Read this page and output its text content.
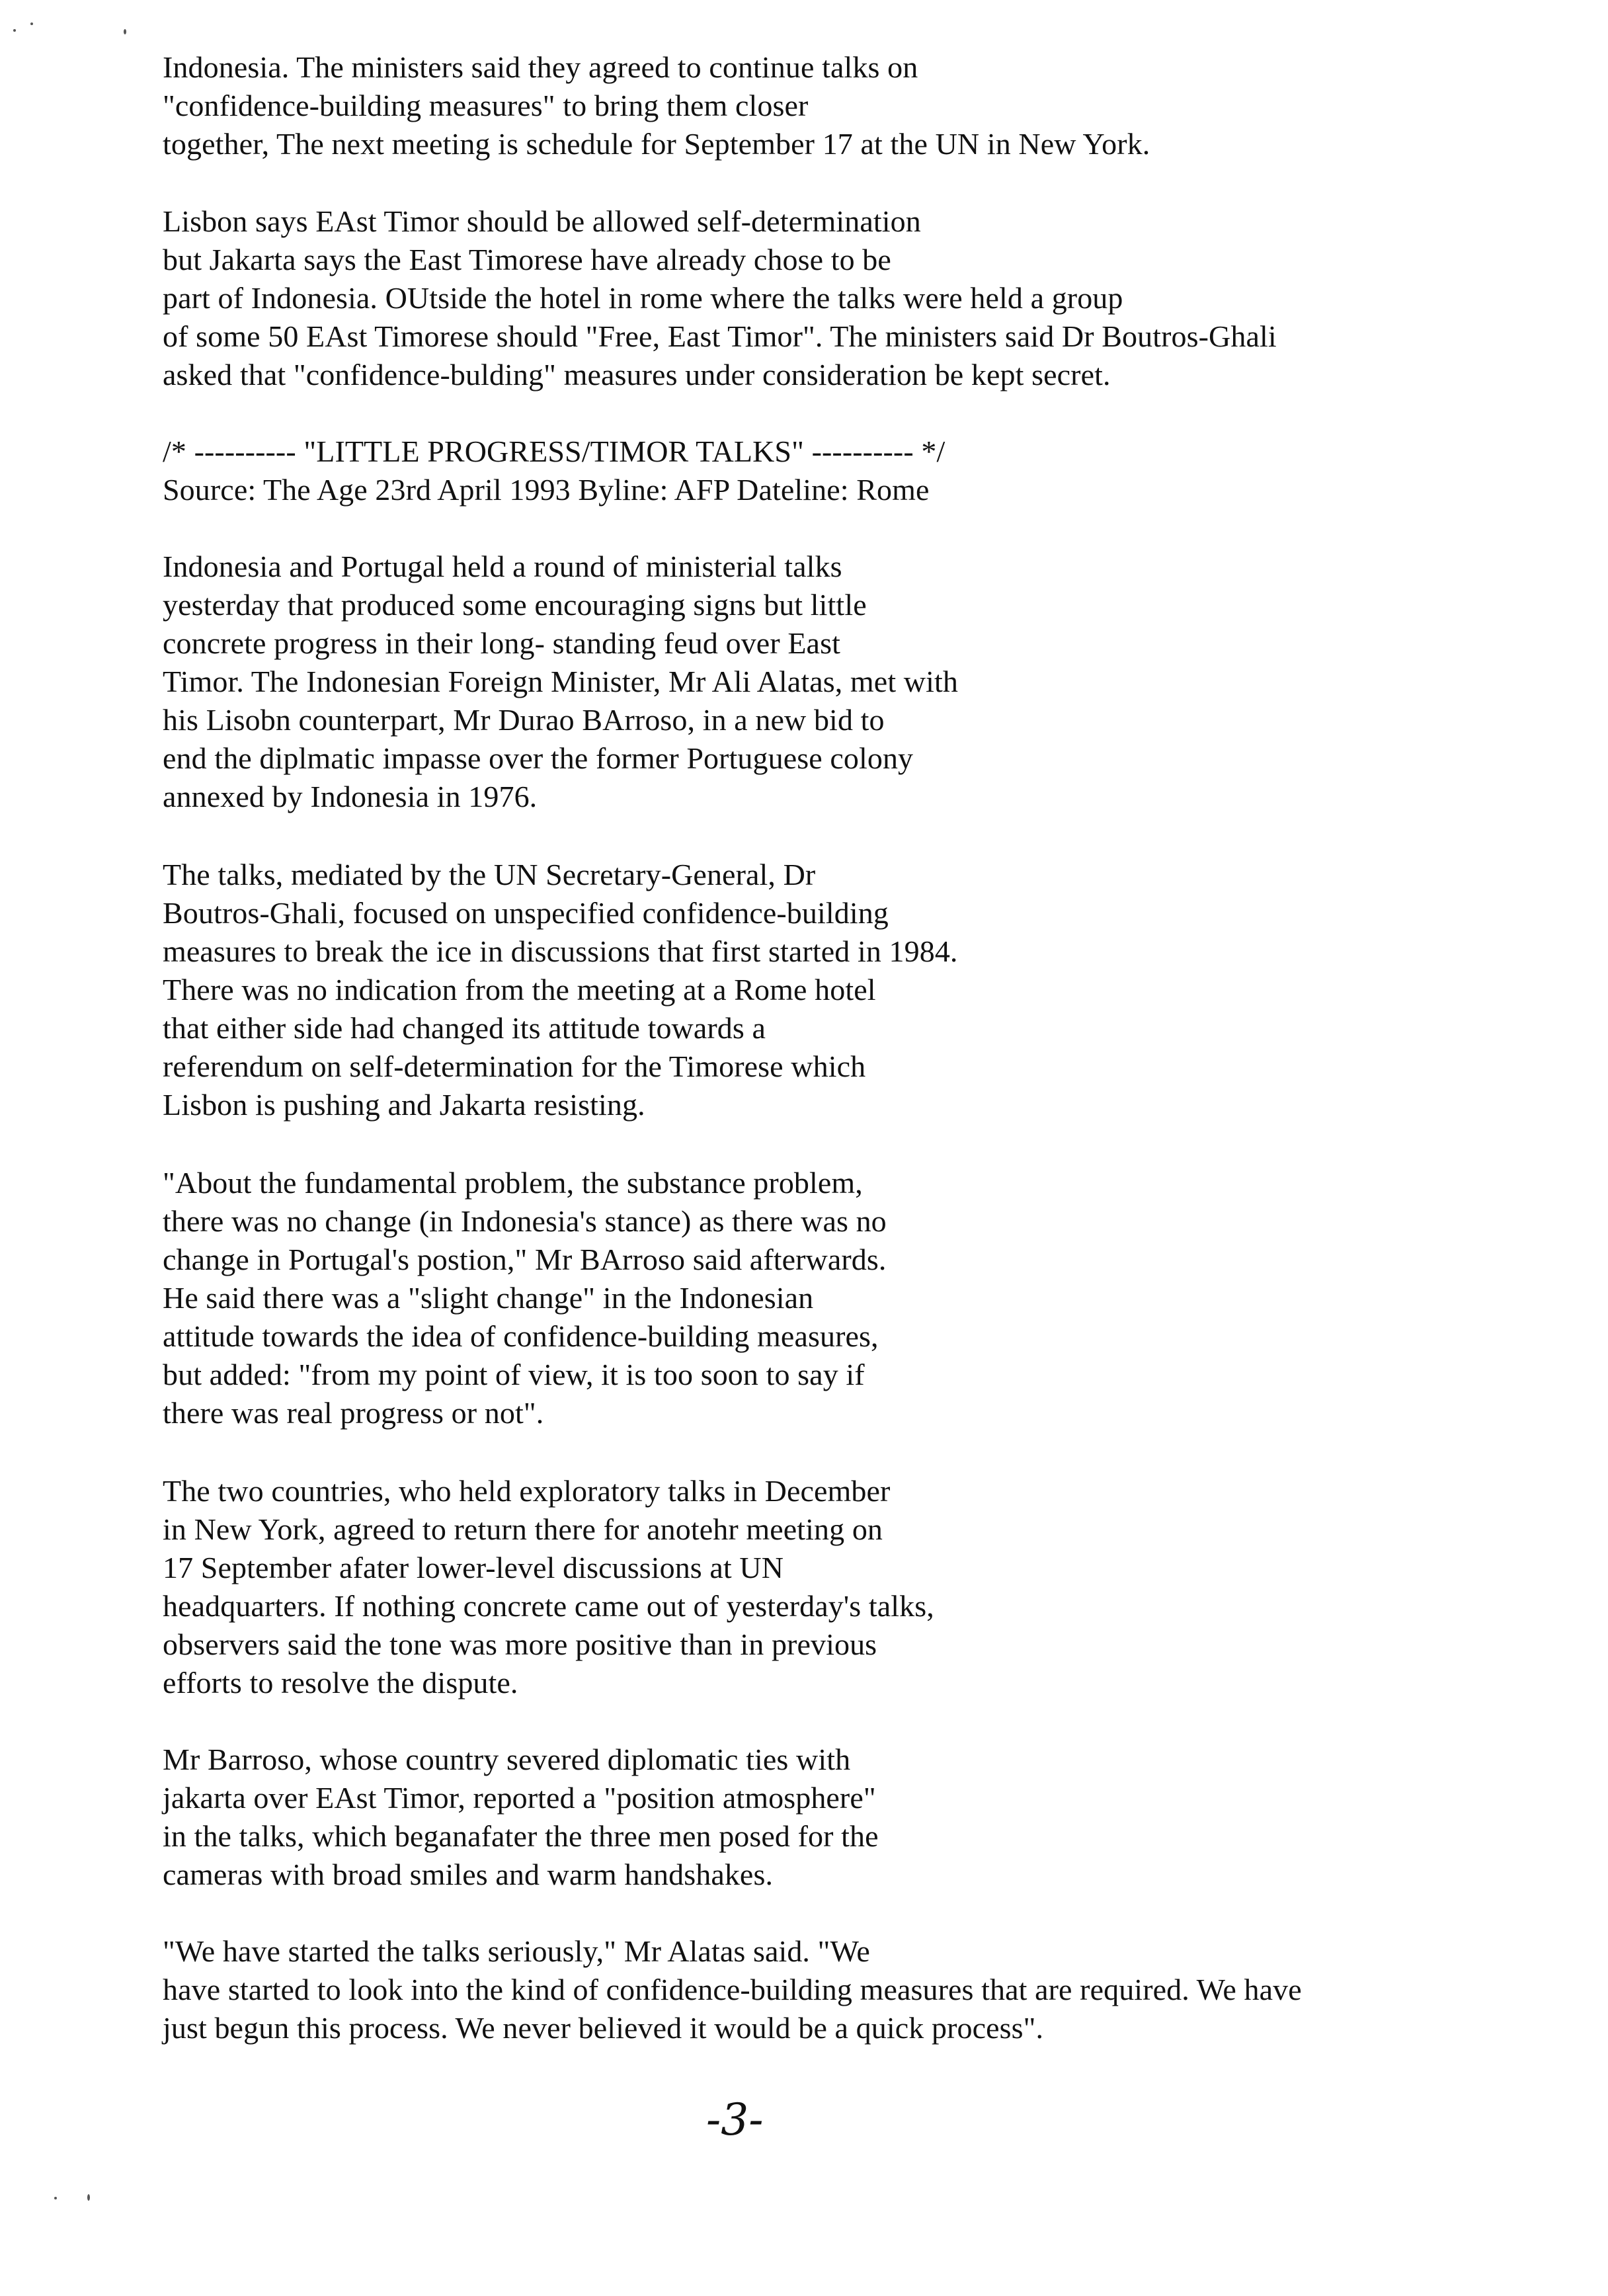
Indonesia. The ministers said they agreed to continue talks on
"confidence-building measures" to bring them closer
together, The next meeting is schedule for September 17 at the UN in New York.
Lisbon says EAst Timor should be allowed self-determination
but Jakarta says the East Timorese have already chose to be
part of Indonesia. OUtside the hotel in rome where the talks were held a group
of some 50 EAst Timorese should "Free, East Timor". The ministers said Dr Boutros-Ghali
asked that "confidence-bulding" measures under consideration be kept secret.
/* ---------- "LITTLE PROGRESS/TIMOR TALKS" ---------- */
Source: The Age 23rd April 1993 Byline: AFP Dateline: Rome
Indonesia and Portugal held a round of ministerial talks
yesterday that produced some encouraging signs but little
concrete progress in their long- standing feud over East
Timor. The Indonesian Foreign Minister, Mr Ali Alatas, met with
his Lisobn counterpart, Mr Durao BArroso, in a new bid to
end the diplmatic impasse over the former Portuguese colony
annexed by Indonesia in 1976.
The talks, mediated by the UN Secretary-General, Dr
Boutros-Ghali, focused on unspecified confidence-building
measures to break the ice in discussions that first started in 1984.
There was no indication from the meeting at a Rome hotel
that either side had changed its attitude towards a
referendum on self-determination for the Timorese which
Lisbon is pushing and Jakarta resisting.
"About the fundamental problem, the substance problem,
there was no change (in Indonesia's stance) as there was no
change in Portugal's postion," Mr BArroso said afterwards.
He said there was a "slight change" in the Indonesian
attitude towards the idea of confidence-building measures,
but added: "from my point of view, it is too soon to say if
there was real progress or not".
The two countries, who held exploratory talks in December
in New York, agreed to return there for anotehr meeting on
17 September afater lower-level discussions at UN
headquarters. If nothing concrete came out of yesterday's talks,
observers said the tone was more positive than in previous
efforts to resolve the dispute.
Mr Barroso, whose country severed diplomatic ties with
jakarta over EAst Timor, reported a "position atmosphere"
in the talks, which beganafater the three men posed for the
cameras with broad smiles and warm handshakes.
"We have started the talks seriously," Mr Alatas said. "We
have started to look into the kind of confidence-building measures that are required. We have
just begun this process. We never believed it would be a quick process".
-3-
